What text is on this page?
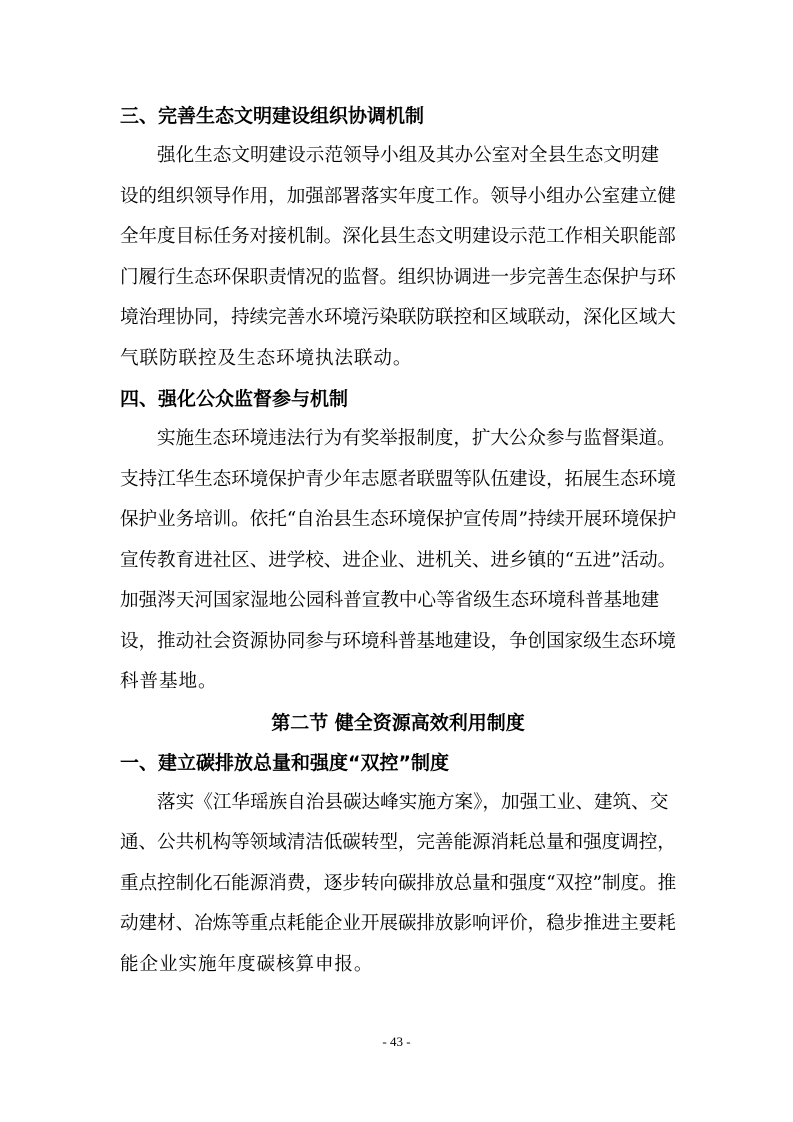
三、完善生态文明建设组织协调机制
强化生态文明建设示范领导小组及其办公室对全县生态文明建
设的组织领导作用，加强部署落实年度工作。领导小组办公室建立健
全年度目标任务对接机制。深化县生态文明建设示范工作相关职能部
门履行生态环保职责情况的监督。组织协调进一步完善生态保护与环
境治理协同，持续完善水环境污染联防联控和区域联动，深化区域大
气联防联控及生态环境执法联动。
四、强化公众监督参与机制
实施生态环境违法行为有奖举报制度，扩大公众参与监督渠道。
支持江华生态环境保护青少年志愿者联盟等队伍建设，拓展生态环境
保护业务培训。依托“自治县生态环境保护宣传周”持续开展环境保护
宣传教育进社区、进学校、进企业、进机关、进乡镇的“五进”活动。
加强涔天河国家湿地公园科普宣教中心等省级生态环境科普基地建
设，推动社会资源协同参与环境科普基地建设，争创国家级生态环境
科普基地。
第二节 健全资源高效利用制度
一、建立碳排放总量和强度“双控”制度
落实《江华瑶族自治县碳达峰实施方案》，加强工业、建筑、交
通、公共机构等领域清洁低碳转型，完善能源消耗总量和强度调控，
重点控制化石能源消费，逐步转向碳排放总量和强度“双控”制度。推
动建材、冶炼等重点耗能企业开展碳排放影响评价，稳步推进主要耗
能企业实施年度碳核算申报。
- 43 -
